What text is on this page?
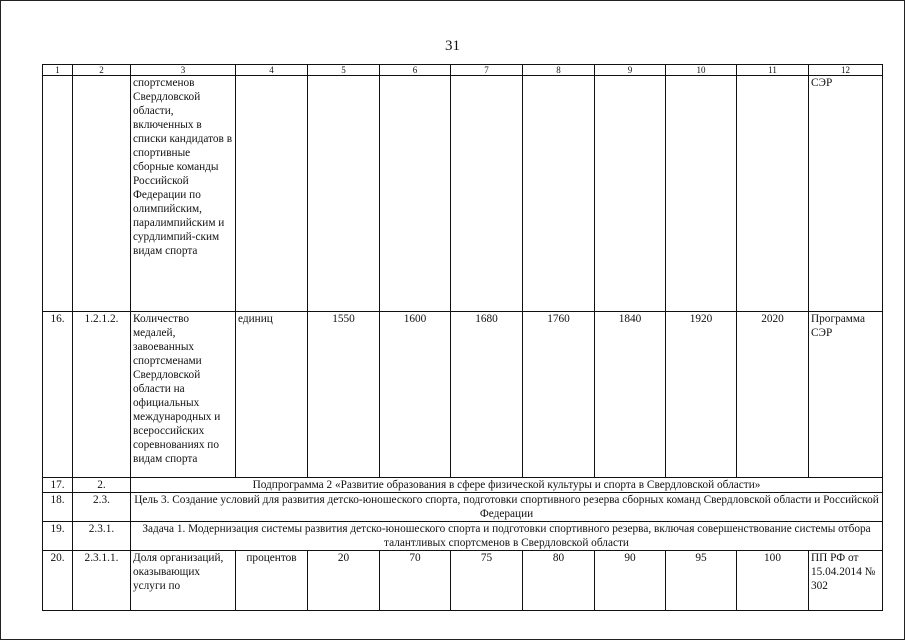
31
1	2	3	4	5	6	7	8	9	10	11	12
		спортсменов Свердловской области, включенных в списки кандидатов в спортивные сборные команды Российской Федерации по олимпийским, паралимпийским и сурдлимпий-ским видам спорта									СЭР
16.	1.2.1.2.	Количество медалей, завоеванных спортсменами Свердловской области на официальных международных и всероссийских соревнованиях по видам спорта	единиц	1550	1600	1680	1760	1840	1920	2020	Программа СЭР
17.	2.	Подпрограмма 2 «Развитие образования в сфере физической культуры и спорта в Свердловской области»									
18.	2.3.	Цель 3. Создание условий для развития детско-юношеского спорта, подготовки спортивного резерва сборных команд Свердловской области и Российской Федерации									
19.	2.3.1.	Задача 1. Модернизация системы развития детско-юношеского спорта и подготовки спортивного резерва, включая совершенствование системы отбора талантливых спортсменов в Свердловской области									
20.	2.3.1.1.	Доля организаций, оказывающих услуги по	процентов	20	70	75	80	90	95	100	ПП РФ от 15.04.2014 № 302
